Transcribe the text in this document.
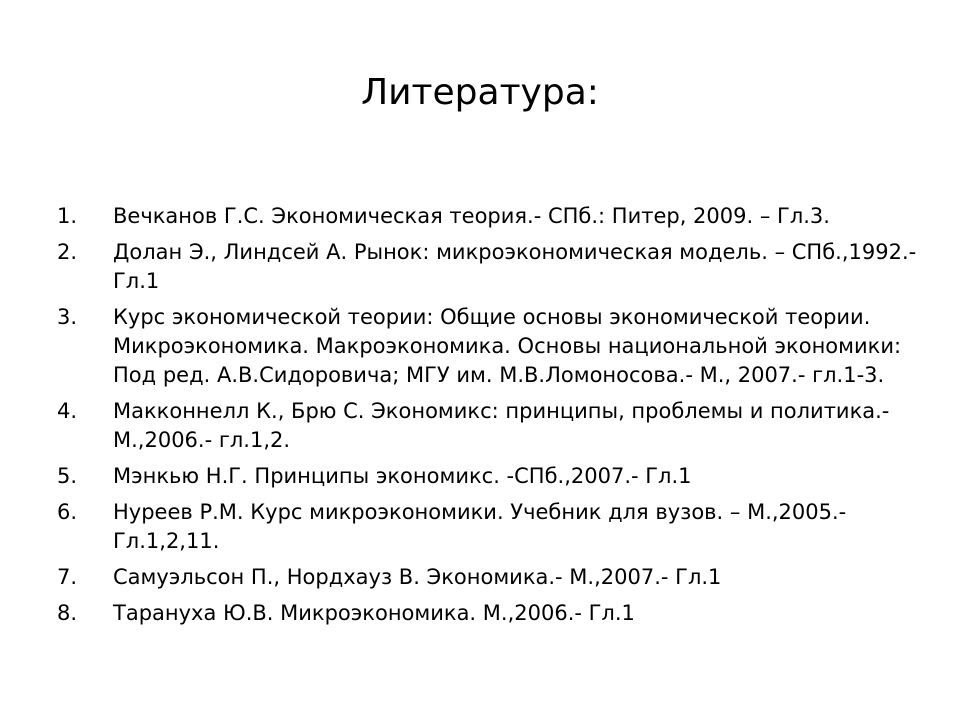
Литература:
1.	Вечканов Г.С. Экономическая теория.- СПб.: Питер, 2009. – Гл.3.
2.	Долан Э., Линдсей А. Рынок: микроэкономическая модель. – СПб.,1992.- Гл.1
3.	Курс экономической теории: Общие основы экономической теории. Микроэкономика. Макроэкономика. Основы национальной экономики: Под ред. А.В.Сидоровича; МГУ им. М.В.Ломоносова.- М., 2007.- гл.1-3.
4.	Макконнелл К., Брю С. Экономикс: принципы, проблемы и политика.- М.,2006.- гл.1,2.
5.	Мэнкью Н.Г. Принципы экономикс. -СПб.,2007.- Гл.1
6.	Нуреев Р.М. Курс микроэкономики. Учебник для вузов. – М.,2005.- Гл.1,2,11.
7.	Самуэльсон П., Нордхауз В. Экономика.- М.,2007.- Гл.1
8.	Тарануха Ю.В. Микроэкономика. М.,2006.- Гл.1
